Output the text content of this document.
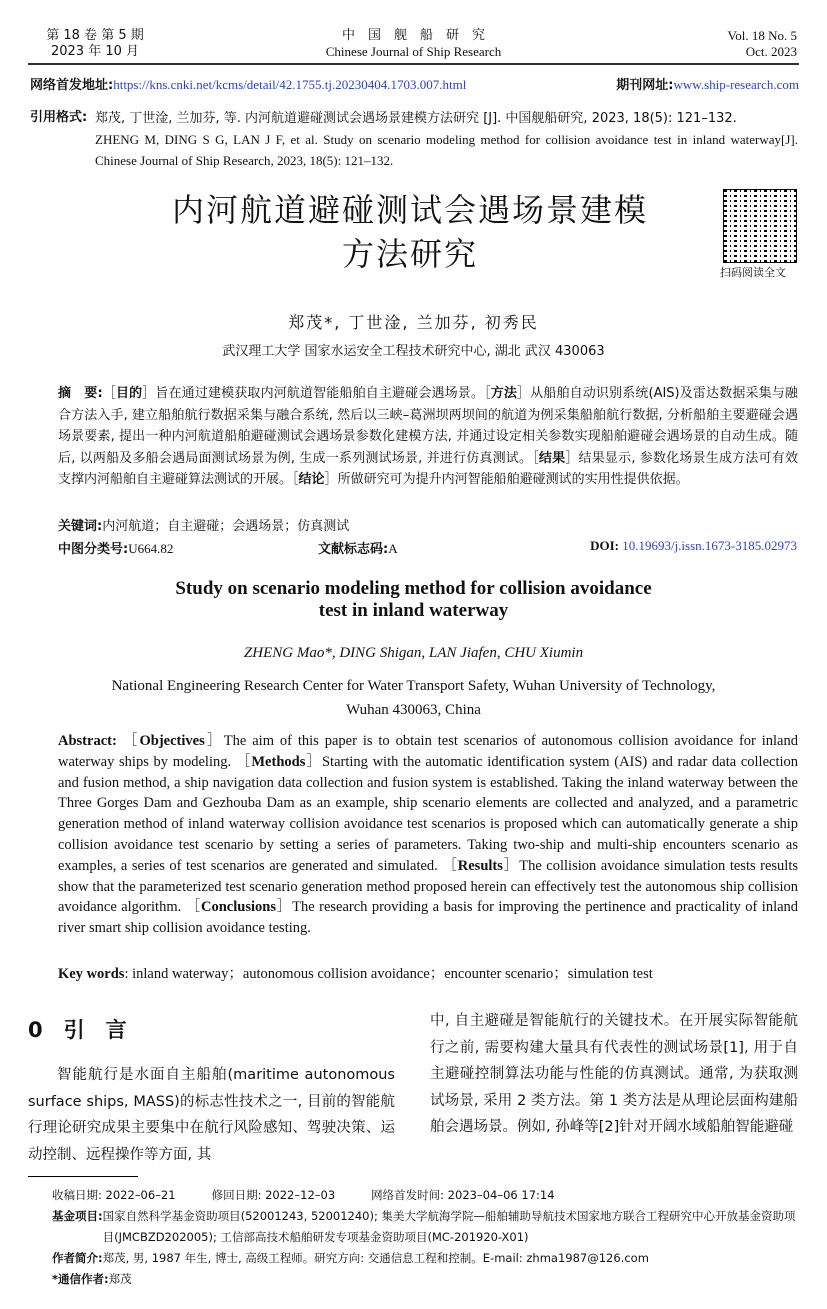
第 18 卷 第 5 期
2023 年 10 月
中　国　舰　船　研　究
Chinese Journal of Ship Research
Vol. 18 No. 5
Oct. 2023
网络首发地址:https://kns.cnki.net/kcms/detail/42.1755.tj.20230404.1703.007.html	期刊网址:www.ship-research.com
引用格式: 郑茂, 丁世淦, 兰加芬, 等. 内河航道避碰测试会遇场景建模方法研究 [J]. 中国舰船研究, 2023, 18(5): 121–132.
ZHENG M, DING S G, LAN J F, et al. Study on scenario modeling method for collision avoidance test in inland waterway[J]. Chinese Journal of Ship Research, 2023, 18(5): 121–132.
内河航道避碰测试会遇场景建模
方法研究	扫码阅读全文
郑茂*, 丁世淦, 兰加芬, 初秀民
武汉理工大学 国家水运安全工程技术研究中心, 湖北 武汉 430063
摘　要:［目的］旨在通过建模获取内河航道智能船舶自主避碰会遇场景。［方法］从船舶自动识别系统(AIS)及雷达数据采集与融合方法入手, 建立船舶航行数据采集与融合系统, 然后以三峡–葛洲坝两坝间的航道为例采集船舶航行数据, 分析船舶主要避碰会遇场景要素, 提出一种内河航道船舶避碰测试会遇场景参数化建模方法, 并通过设定相关参数实现船舶避碰会遇场景的自动生成。随后, 以两船及多船会遇局面测试场景为例, 生成一系列测试场景, 并进行仿真测试。［结果］结果显示, 参数化场景生成方法可有效支撑内河船舶自主避碰算法测试的开展。［结论］所做研究可为提升内河智能船舶避碰测试的实用性提供依据。
关键词:内河航道；自主避碰；会遇场景；仿真测试
中图分类号:U664.82	文献标志码:A	DOI: 10.19693/j.issn.1673-3185.02973
Study on scenario modeling method for collision avoidance
test in inland waterway
ZHENG Mao*, DING Shigan, LAN Jiafen, CHU Xiumin
National Engineering Research Center for Water Transport Safety, Wuhan University of Technology,
Wuhan 430063, China
Abstract: ［Objectives］The aim of this paper is to obtain test scenarios of autonomous collision avoidance for inland waterway ships by modeling. ［Methods］Starting with the automatic identification system (AIS) and radar data collection and fusion method, a ship navigation data collection and fusion system is established. Taking the inland waterway between the Three Gorges Dam and Gezhouba Dam as an example, ship scenario elements are collected and analyzed, and a parametric generation method of inland waterway collision avoidance test scenarios is proposed which can automatically generate a ship collision avoidance test scenario by setting a series of parameters. Taking two-ship and multi-ship encounters scenario as examples, a series of test scenarios are generated and simulated. ［Results］The collision avoidance simulation tests results show that the parameterized test scenario generation method proposed herein can effectively test the autonomous ship collision avoidance algorithm. ［Conclusions］The research providing a basis for improving the pertinence and practicality of inland river smart ship collision avoidance testing.
Key words: inland waterway；autonomous collision avoidance；encounter scenario；simulation test
0　 引　言
智能航行是水面自主船舶(maritime autonomous surface ships, MASS)的标志性技术之一, 目前的智能航行理论研究成果主要集中在航行风险感知、驾驶决策、运动控制、远程操作等方面, 其
中, 自主避碰是智能航行的关键技术。在开展实际智能航行之前, 需要构建大量具有代表性的测试场景[1], 用于自主避碰控制算法功能与性能的仿真测试。通常, 为获取测试场景, 采用 2 类方法。第 1 类方法是从理论层面构建船舶会遇场景。例如, 孙峰等[2]针对开阔水域船舶智能避碰
收稿日期: 2022–06–21	修回日期: 2022–12–03	网络首发时间: 2023–04–06 17:14
基金项目: 国家自然科学基金资助项目(52001243, 52001240); 集美大学航海学院—船舶辅助导航技术国家地方联合工程研究中心开放基金资助项目(JMCBZD202005); 工信部高技术船舶研发专项基金资助项目(MC-201920-X01)
作者简介:郑茂, 男, 1987 年生, 博士, 高级工程师。研究方向: 交通信息工程和控制。E-mail: zhma1987@126.com
*通信作者:郑茂
